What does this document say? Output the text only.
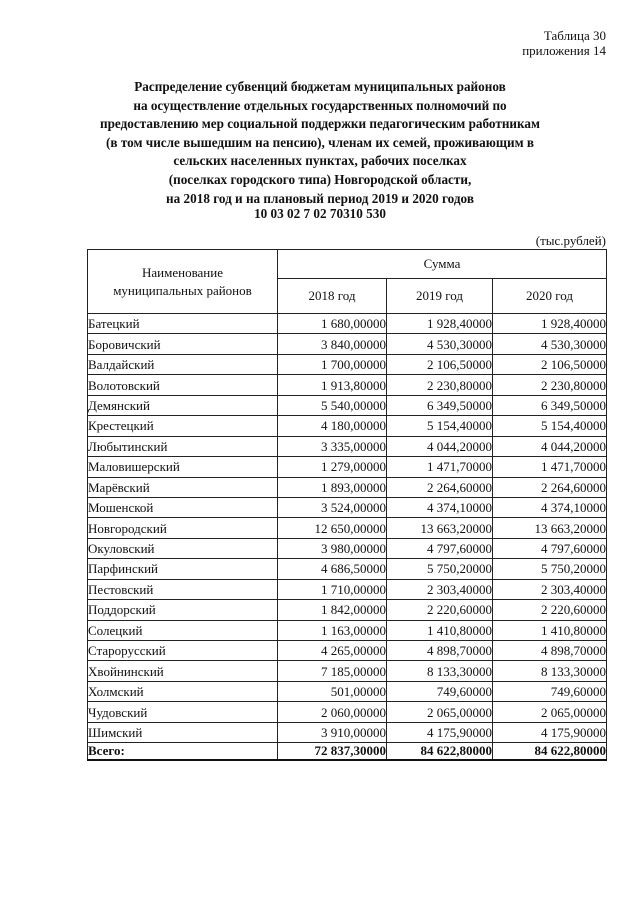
Таблица 30
приложения 14
Распределение субвенций бюджетам муниципальных районов
на осуществление отдельных государственных полномочий по
предоставлению мер социальной поддержки педагогическим работникам
(в том числе вышедшим на пенсию), членам их семей, проживающим в
сельских населенных пунктах, рабочих поселках
(поселках городского типа) Новгородской области,
на 2018 год и на плановый период 2019 и 2020 годов
10 03 02 7 02 70310 530
(тыс.рублей)
Наименование
муниципальных районов	Сумма		
	2018 год	2019 год	2020 год
Батецкий	1 680,00000	1 928,40000	1 928,40000
Боровичский	3 840,00000	4 530,30000	4 530,30000
Валдайский	1 700,00000	2 106,50000	2 106,50000
Волотовский	1 913,80000	2 230,80000	2 230,80000
Демянский	5 540,00000	6 349,50000	6 349,50000
Крестецкий	4 180,00000	5 154,40000	5 154,40000
Любытинский	3 335,00000	4 044,20000	4 044,20000
Маловишерский	1 279,00000	1 471,70000	1 471,70000
Марёвский	1 893,00000	2 264,60000	2 264,60000
Мошенской	3 524,00000	4 374,10000	4 374,10000
Новгородский	12 650,00000	13 663,20000	13 663,20000
Окуловский	3 980,00000	4 797,60000	4 797,60000
Парфинский	4 686,50000	5 750,20000	5 750,20000
Пестовский	1 710,00000	2 303,40000	2 303,40000
Поддорский	1 842,00000	2 220,60000	2 220,60000
Солецкий	1 163,00000	1 410,80000	1 410,80000
Старорусский	4 265,00000	4 898,70000	4 898,70000
Хвойнинский	7 185,00000	8 133,30000	8 133,30000
Холмский	501,00000	749,60000	749,60000
Чудовский	2 060,00000	2 065,00000	2 065,00000
Шимский	3 910,00000	4 175,90000	4 175,90000
Всего:	72 837,30000	84 622,80000	84 622,80000
